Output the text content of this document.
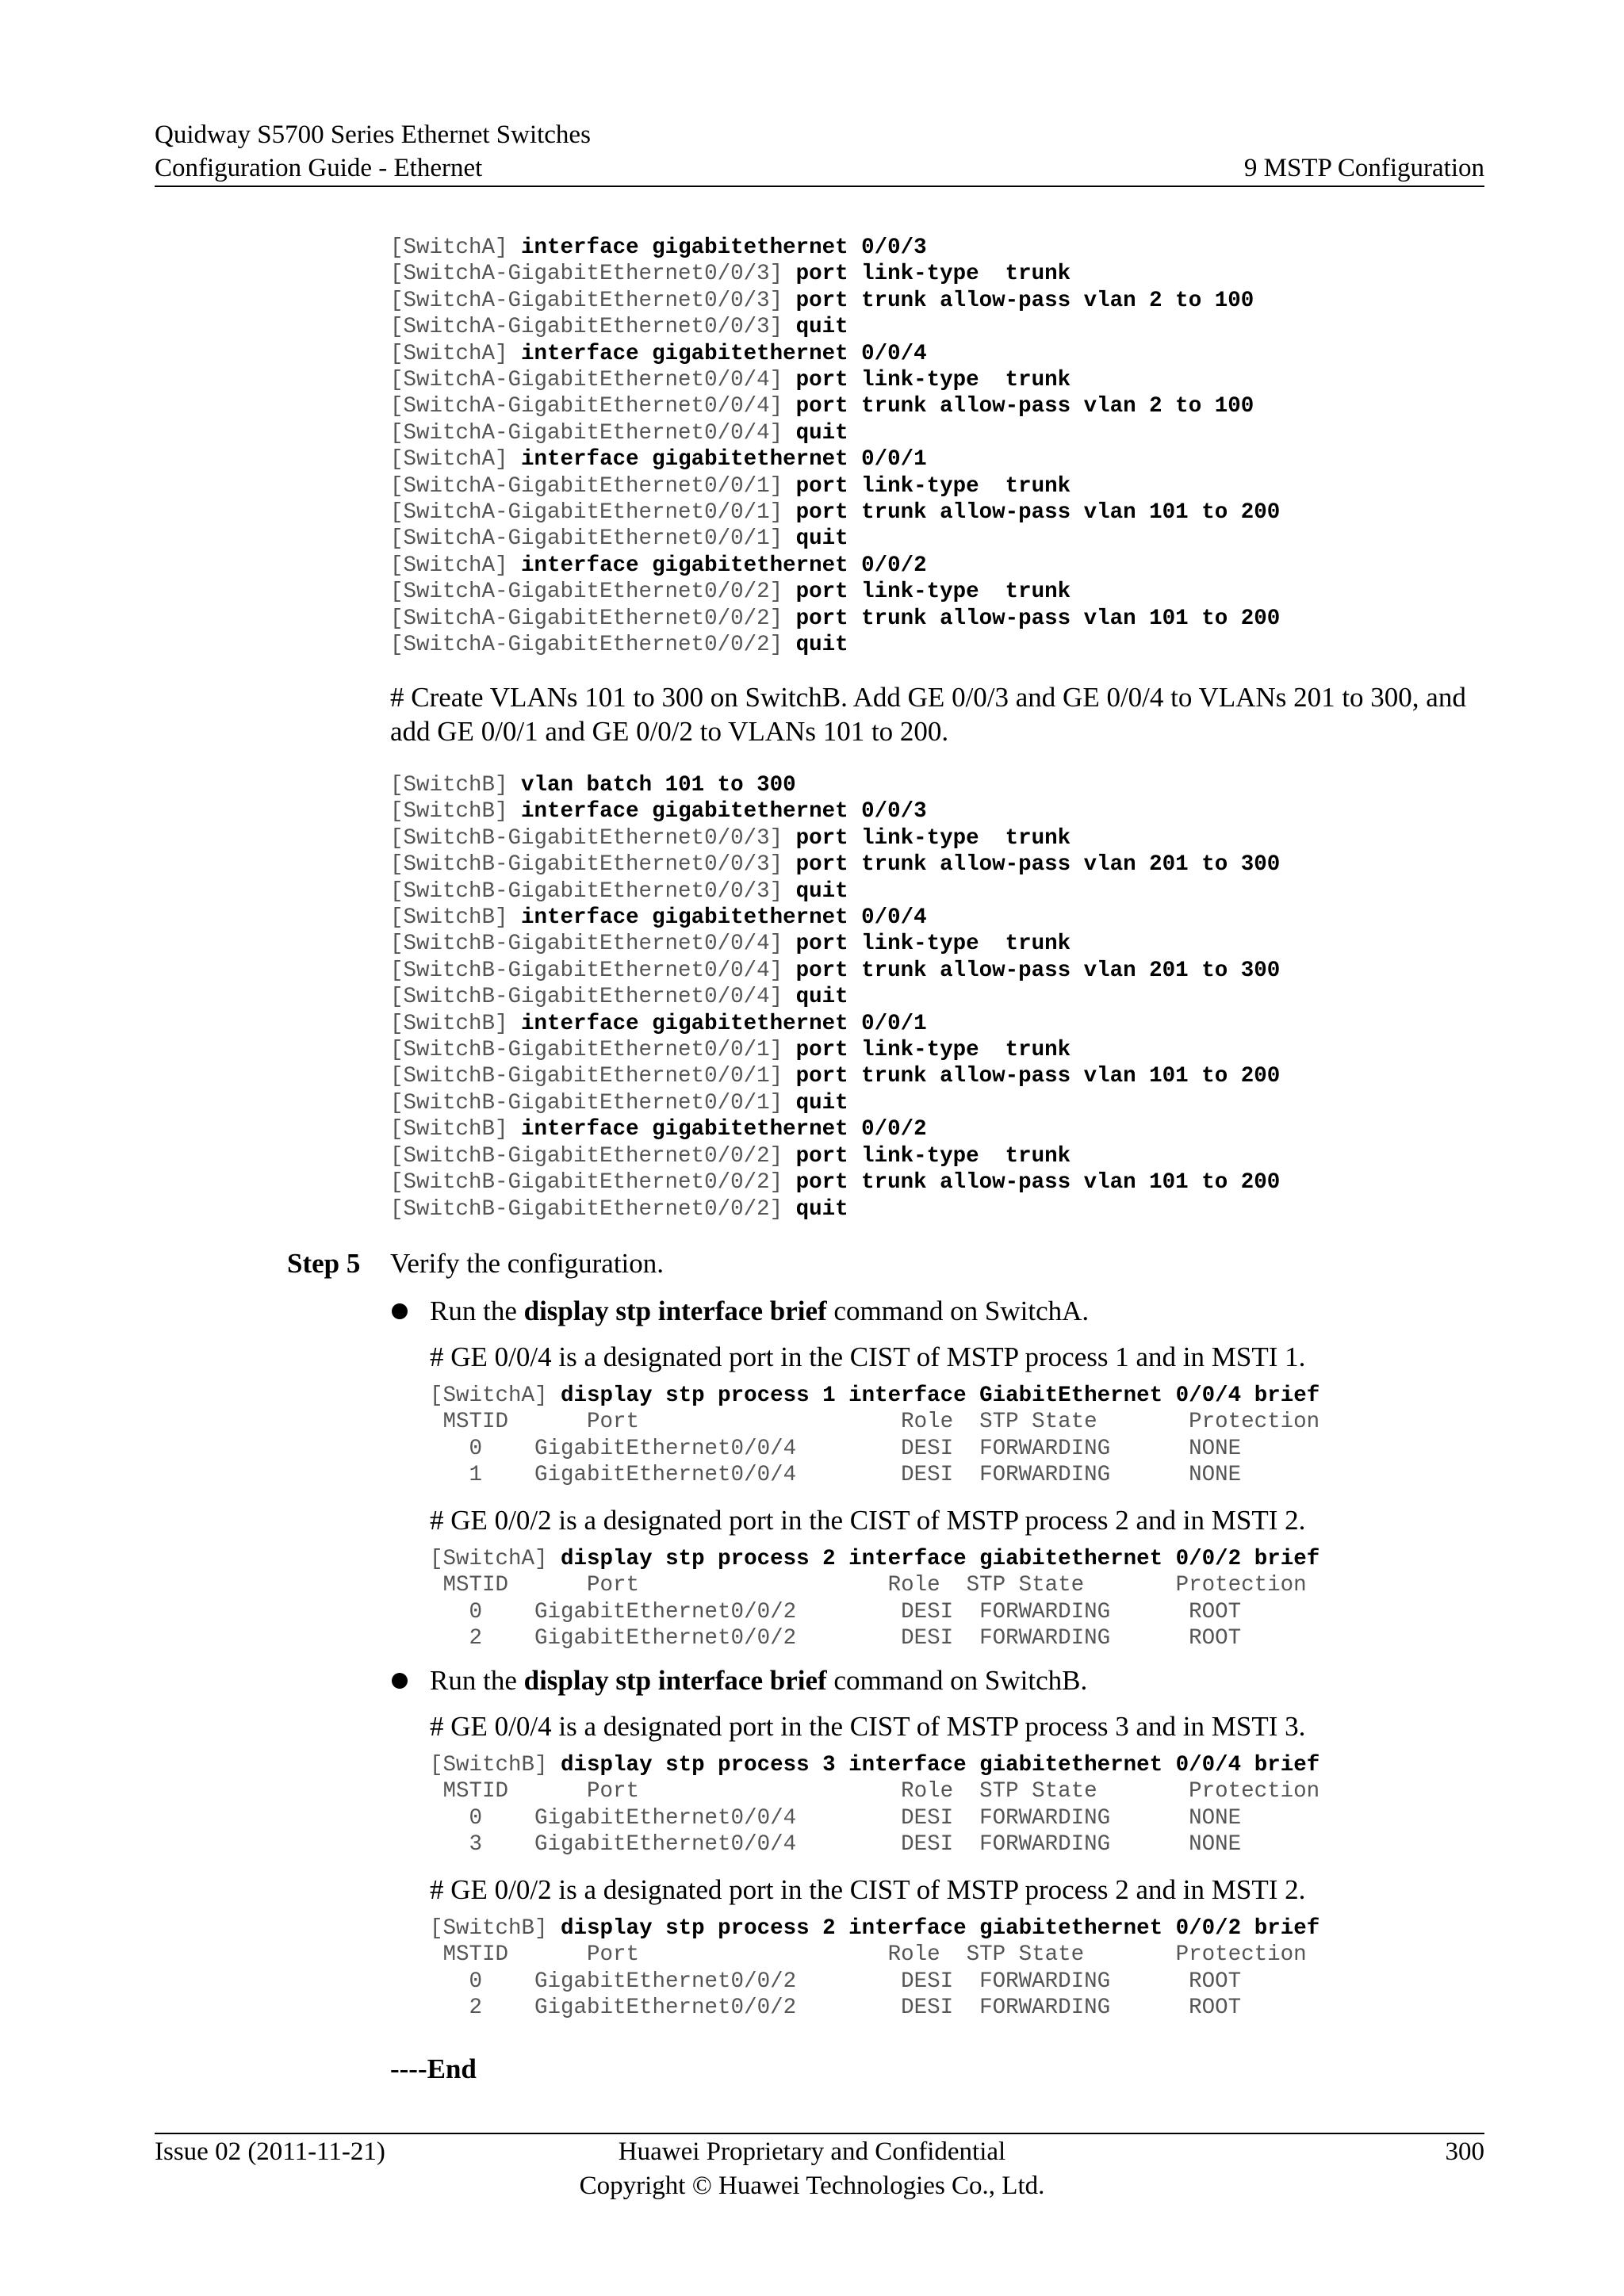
Quidway S5700 Series Ethernet Switches
Configuration Guide - Ethernet	9 MSTP Configuration
[SwitchA] interface gigabitethernet 0/0/3
[SwitchA-GigabitEthernet0/0/3] port link-type  trunk
[SwitchA-GigabitEthernet0/0/3] port trunk allow-pass vlan 2 to 100
[SwitchA-GigabitEthernet0/0/3] quit
[SwitchA] interface gigabitethernet 0/0/4
[SwitchA-GigabitEthernet0/0/4] port link-type  trunk
[SwitchA-GigabitEthernet0/0/4] port trunk allow-pass vlan 2 to 100
[SwitchA-GigabitEthernet0/0/4] quit
[SwitchA] interface gigabitethernet 0/0/1
[SwitchA-GigabitEthernet0/0/1] port link-type  trunk
[SwitchA-GigabitEthernet0/0/1] port trunk allow-pass vlan 101 to 200
[SwitchA-GigabitEthernet0/0/1] quit
[SwitchA] interface gigabitethernet 0/0/2
[SwitchA-GigabitEthernet0/0/2] port link-type  trunk
[SwitchA-GigabitEthernet0/0/2] port trunk allow-pass vlan 101 to 200
[SwitchA-GigabitEthernet0/0/2] quit
# Create VLANs 101 to 300 on SwitchB. Add GE 0/0/3 and GE 0/0/4 to VLANs 201 to 300, and add GE 0/0/1 and GE 0/0/2 to VLANs 101 to 200.
[SwitchB] vlan batch 101 to 300
[SwitchB] interface gigabitethernet 0/0/3
[SwitchB-GigabitEthernet0/0/3] port link-type  trunk
[SwitchB-GigabitEthernet0/0/3] port trunk allow-pass vlan 201 to 300
[SwitchB-GigabitEthernet0/0/3] quit
[SwitchB] interface gigabitethernet 0/0/4
[SwitchB-GigabitEthernet0/0/4] port link-type  trunk
[SwitchB-GigabitEthernet0/0/4] port trunk allow-pass vlan 201 to 300
[SwitchB-GigabitEthernet0/0/4] quit
[SwitchB] interface gigabitethernet 0/0/1
[SwitchB-GigabitEthernet0/0/1] port link-type  trunk
[SwitchB-GigabitEthernet0/0/1] port trunk allow-pass vlan 101 to 200
[SwitchB-GigabitEthernet0/0/1] quit
[SwitchB] interface gigabitethernet 0/0/2
[SwitchB-GigabitEthernet0/0/2] port link-type  trunk
[SwitchB-GigabitEthernet0/0/2] port trunk allow-pass vlan 101 to 200
[SwitchB-GigabitEthernet0/0/2] quit
Step 5 Verify the configuration.
Run the display stp interface brief command on SwitchA.
# GE 0/0/4 is a designated port in the CIST of MSTP process 1 and in MSTI 1.
[SwitchA] display stp process 1 interface GiabitEthernet 0/0/4 brief
MSTID      Port                    Role  STP State       Protection
0    GigabitEthernet0/0/4        DESI  FORWARDING      NONE
1    GigabitEthernet0/0/4        DESI  FORWARDING      NONE
# GE 0/0/2 is a designated port in the CIST of MSTP process 2 and in MSTI 2.
[SwitchA] display stp process 2 interface giabitethernet 0/0/2 brief
MSTID      Port                   Role  STP State       Protection
0    GigabitEthernet0/0/2        DESI  FORWARDING      ROOT
2    GigabitEthernet0/0/2        DESI  FORWARDING      ROOT
Run the display stp interface brief command on SwitchB.
# GE 0/0/4 is a designated port in the CIST of MSTP process 3 and in MSTI 3.
[SwitchB] display stp process 3 interface giabitethernet 0/0/4 brief
MSTID      Port                    Role  STP State       Protection
0    GigabitEthernet0/0/4        DESI  FORWARDING      NONE
3    GigabitEthernet0/0/4        DESI  FORWARDING      NONE
# GE 0/0/2 is a designated port in the CIST of MSTP process 2 and in MSTI 2.
[SwitchB] display stp process 2 interface giabitethernet 0/0/2 brief
MSTID      Port                   Role  STP State       Protection
0    GigabitEthernet0/0/2        DESI  FORWARDING      ROOT
2    GigabitEthernet0/0/2        DESI  FORWARDING      ROOT
----End
Issue 02 (2011-11-21)	Huawei Proprietary and Confidential
Copyright © Huawei Technologies Co., Ltd.
300
